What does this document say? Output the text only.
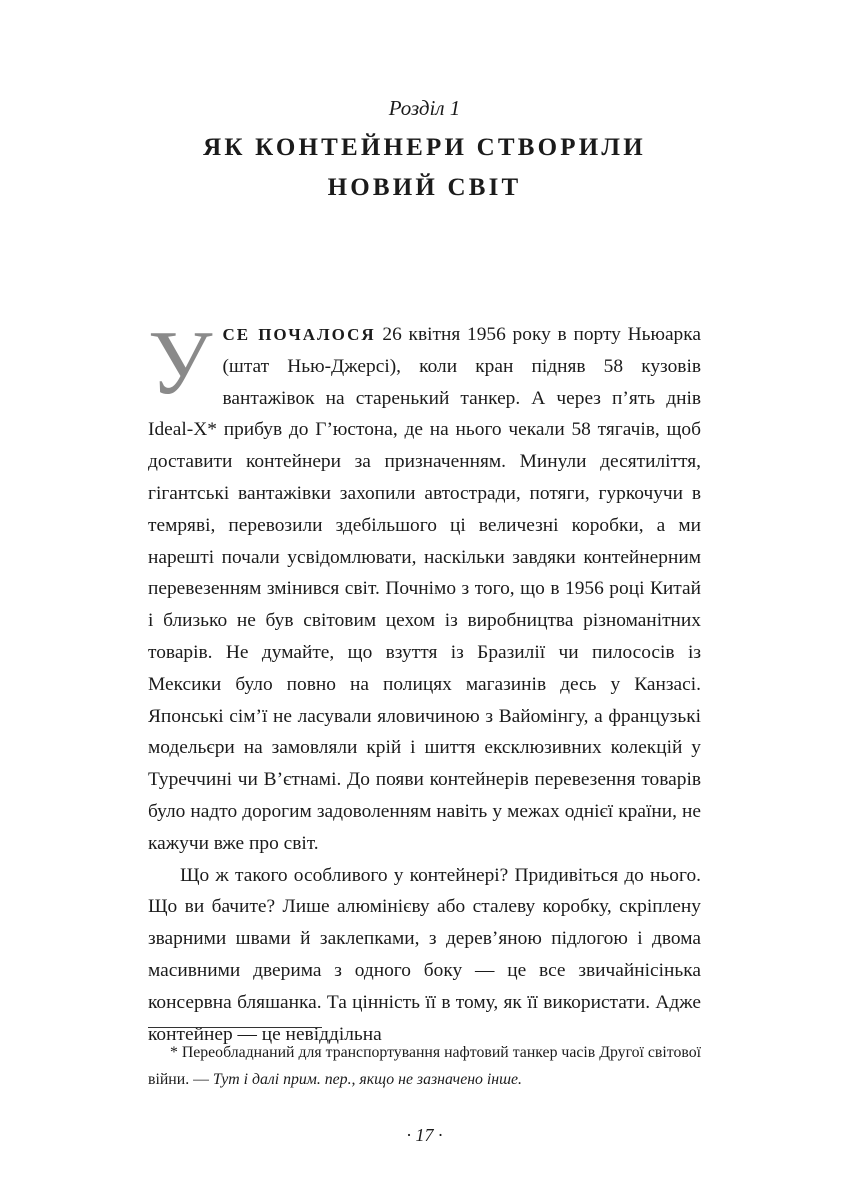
Розділ 1
ЯК КОНТЕЙНЕРИ СТВОРИЛИ
НОВИЙ СВІТ

УСЕ ПОЧАЛОСЯ 26 квітня 1956 року в порту Ньюарка (штат Нью-Джерсі), коли кран підняв 58 кузовів вантажівок на старенький танкер. А через п’ять днів Ideal-X* прибув до Г’юстона, де на нього чекали 58 тягачів, щоб доставити контейнери за призначенням. Минули десятиліття, гігантські вантажівки захопили автостради, потяги, гуркочучи в темряві, перевозили здебільшого ці величезні коробки, а ми нарешті почали усвідомлювати, наскільки завдяки контейнерним перевезенням змінився світ. Почнімо з того, що в 1956 році Китай і близько не був світовим цехом із виробництва різноманітних товарів. Не думайте, що взуття із Бразилії чи пилососів із Мексики було повно на полицях магазинів десь у Канзасі. Японські сім’ї не ласували яловичиною з Вайомінгу, а французькі модельєри на замовляли крій і шиття ексклюзивних колекцій у Туреччині чи В’єтнамі. До появи контейнерів перевезення товарів було надто дорогим задоволенням навіть у межах однієї країни, не кажучи вже про світ.

Що ж такого особливого у контейнері? Придивіться до нього. Що ви бачите? Лише алюмінієву або сталеву коробку, скріплену зварними швами й заклепками, з дерев’яною підлогою і двома масивними дверима з одного боку — це все звичайнісінька консервна бляшанка. Та цінність її в тому, як її використати. Адже контейнер — це невіддільна

* Переобладнаний для транспортування нафтовий танкер часів Другої світової війни. — Тут і далі прим. пер., якщо не зазначено інше.
· 17 ·
